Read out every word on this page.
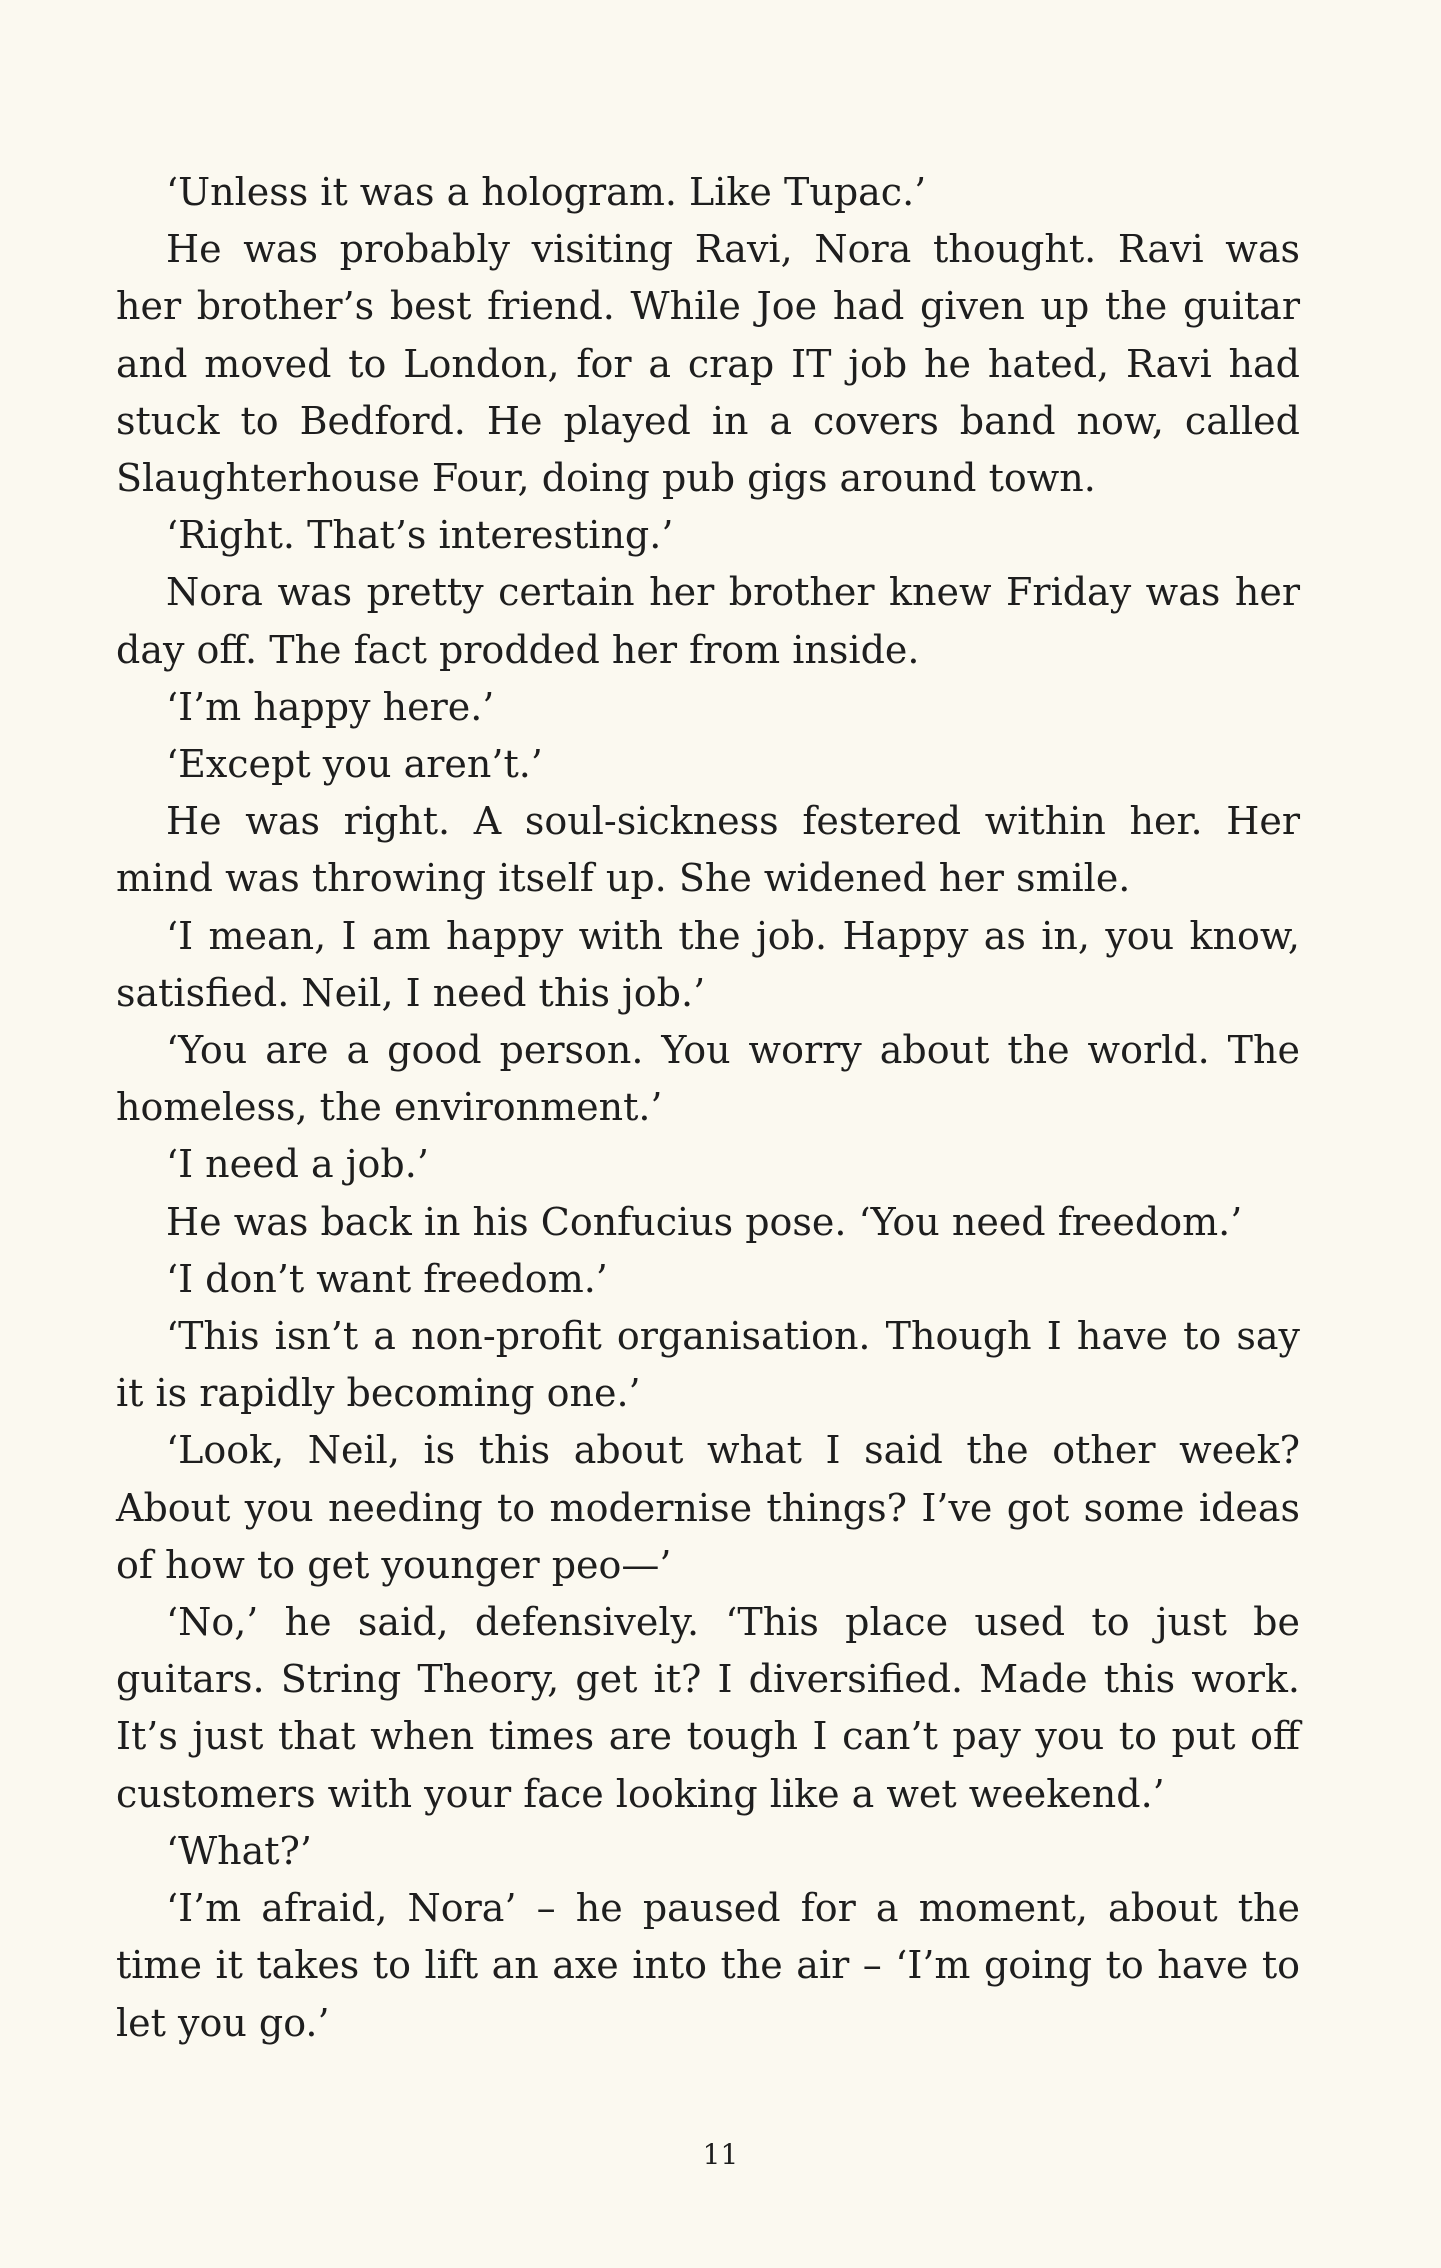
‘Unless it was a hologram. Like Tupac.’

He was probably visiting Ravi, Nora thought. Ravi was her brother’s best friend. While Joe had given up the guitar and moved to London, for a crap IT job he hated, Ravi had stuck to Bedford. He played in a covers band now, called Slaughterhouse Four, doing pub gigs around town.

‘Right. That’s interesting.’

Nora was pretty certain her brother knew Friday was her day off. The fact prodded her from inside.

‘I’m happy here.’

‘Except you aren’t.’

He was right. A soul-sickness festered within her. Her mind was throwing itself up. She widened her smile.

‘I mean, I am happy with the job. Happy as in, you know, satisfied. Neil, I need this job.’

‘You are a good person. You worry about the world. The homeless, the environment.’

‘I need a job.’

He was back in his Confucius pose. ‘You need freedom.’

‘I don’t want freedom.’

‘This isn’t a non-profit organisation. Though I have to say it is rapidly becoming one.’

‘Look, Neil, is this about what I said the other week? About you needing to modernise things? I’ve got some ideas of how to get younger peo—’

‘No,’ he said, defensively. ‘This place used to just be guitars. String Theory, get it? I diversified. Made this work. It’s just that when times are tough I can’t pay you to put off customers with your face looking like a wet weekend.’

‘What?’

‘I’m afraid, Nora’ – he paused for a moment, about the time it takes to lift an axe into the air – ‘I’m going to have to let you go.’

11
